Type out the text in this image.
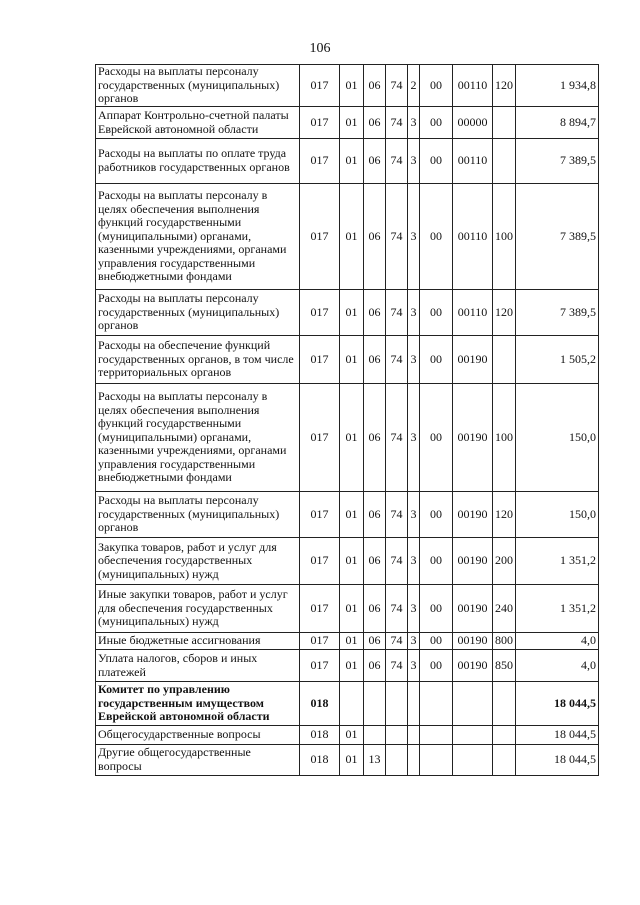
106
Расходы на выплаты персоналу государственных (муниципальных) органов	017	01	06	74	2	00	00110	120	1 934,8
Аппарат Контрольно-счетной палаты Еврейской автономной области	017	01	06	74	3	00	00000		8 894,7
Расходы на выплаты по оплате труда работников государственных органов	017	01	06	74	3	00	00110		7 389,5
Расходы на выплаты персоналу в целях обеспечения выполнения функций государственными (муниципальными) органами, казенными учреждениями, органами управления государственными внебюджетными фондами	017	01	06	74	3	00	00110	100	7 389,5
Расходы на выплаты персоналу государственных (муниципальных) органов	017	01	06	74	3	00	00110	120	7 389,5
Расходы на обеспечение функций государственных органов, в том числе территориальных органов	017	01	06	74	3	00	00190		1 505,2
Расходы на выплаты персоналу в целях обеспечения выполнения функций государственными (муниципальными) органами, казенными учреждениями, органами управления государственными внебюджетными фондами	017	01	06	74	3	00	00190	100	150,0
Расходы на выплаты персоналу государственных (муниципальных) органов	017	01	06	74	3	00	00190	120	150,0
Закупка товаров, работ и услуг для обеспечения государственных (муниципальных) нужд	017	01	06	74	3	00	00190	200	1 351,2
Иные закупки товаров, работ и услуг для обеспечения государственных (муниципальных) нужд	017	01	06	74	3	00	00190	240	1 351,2
Иные бюджетные ассигнования	017	01	06	74	3	00	00190	800	4,0
Уплата налогов, сборов и иных платежей	017	01	06	74	3	00	00190	850	4,0
Комитет по управлению государственным имуществом Еврейской автономной области	018								18 044,5
Общегосударственные вопросы	018	01							18 044,5
Другие общегосударственные вопросы	018	01	13						18 044,5
